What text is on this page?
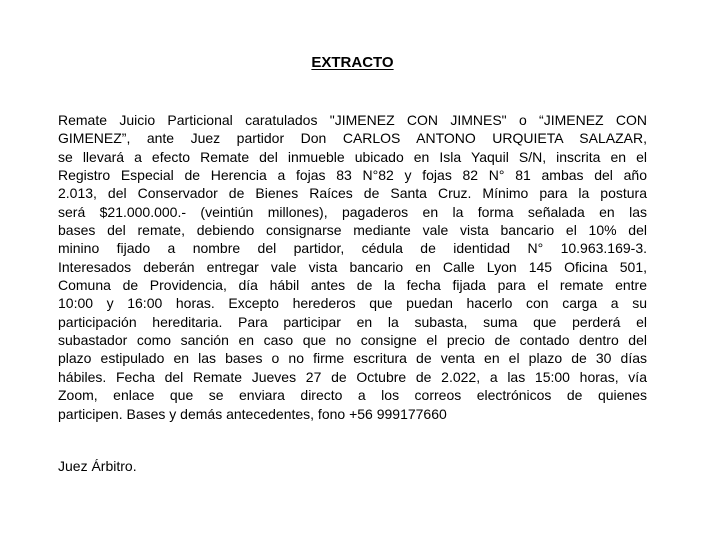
EXTRACTO
Remate Juicio Particional caratulados "JIMENEZ CON JIMNES" o “JIMENEZ CON
GIMENEZ”, ante Juez partidor Don CARLOS ANTONO URQUIETA SALAZAR,
se llevará a efecto Remate del inmueble ubicado en Isla Yaquil S/N, inscrita en el
Registro Especial de Herencia a fojas 83 N°82 y fojas 82 N° 81 ambas del año
2.013, del Conservador de Bienes Raíces de Santa Cruz. Mínimo para la postura
será $21.000.000.- (veintiún millones), pagaderos en la forma señalada en las
bases del remate, debiendo consignarse mediante vale vista bancario el 10% del
minino fijado a nombre del partidor, cédula de identidad N° 10.963.169-3.
Interesados deberán entregar vale vista bancario en Calle Lyon 145 Oficina 501,
Comuna de Providencia, día hábil antes de la fecha fijada para el remate entre
10:00 y 16:00 horas. Excepto herederos que puedan hacerlo con carga a su
participación hereditaria. Para participar en la subasta, suma que perderá el
subastador como sanción en caso que no consigne el precio de contado dentro del
plazo estipulado en las bases o no firme escritura de venta en el plazo de 30 días
hábiles. Fecha del Remate Jueves 27 de Octubre de 2.022, a las 15:00 horas, vía
Zoom, enlace que se enviara directo a los correos electrónicos de quienes
participen. Bases y demás antecedentes, fono +56 999177660
Juez Árbitro.
